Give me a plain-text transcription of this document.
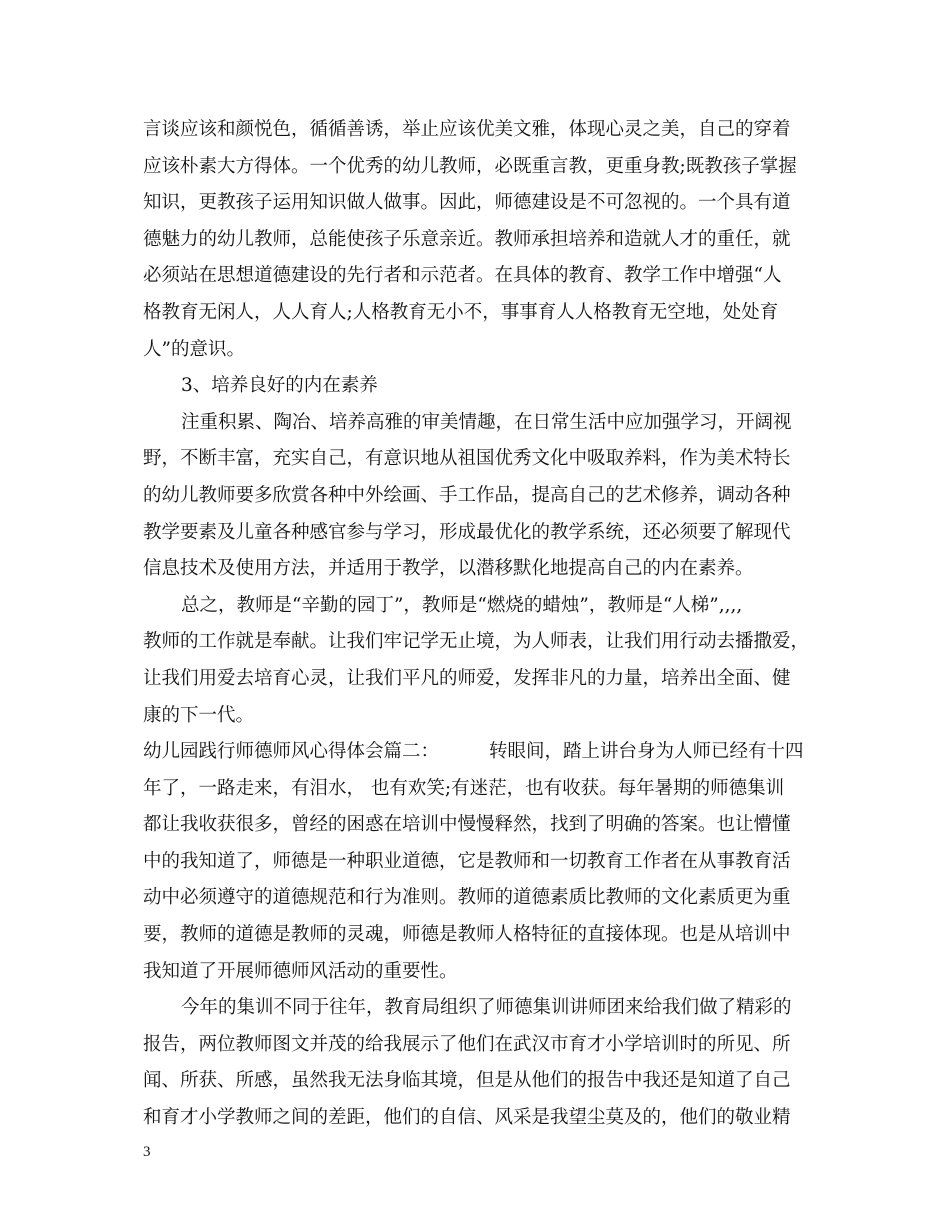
言谈应该和颜悦色，循循善诱，举止应该优美文雅，体现心灵之美，自己的穿着
应该朴素大方得体。一个优秀的幼儿教师，必既重言教，更重身教;既教孩子掌握
知识，更教孩子运用知识做人做事。因此，师德建设是不可忽视的。一个具有道
德魅力的幼儿教师，总能使孩子乐意亲近。教师承担培养和造就人才的重任，就
必须站在思想道德建设的先行者和示范者。在具体的教育、教学工作中增强“人
格教育无闲人，人人育人;人格教育无小不，事事育人人格教育无空地，处处育
人”的意识。
3、培养良好的内在素养
注重积累、陶冶、培养高雅的审美情趣，在日常生活中应加强学习，开阔视
野，不断丰富，充实自己，有意识地从祖国优秀文化中吸取养料，作为美术特长
的幼儿教师要多欣赏各种中外绘画、手工作品，提高自己的艺术修养，调动各种
教学要素及儿童各种感官参与学习，形成最优化的教学系统，还必须要了解现代
信息技术及使用方法，并适用于教学，以潜移默化地提高自己的内在素养。
总之，教师是“辛勤的园丁”，教师是“燃烧的蜡烛”，教师是“人梯”,,,,
教师的工作就是奉献。让我们牢记学无止境，为人师表，让我们用行动去播撒爱，
让我们用爱去培育心灵，让我们平凡的师爱，发挥非凡的力量，培养出全面、健
康的下一代。
幼儿园践行师德师风心得体会篇二：	转眼间，踏上讲台身为人师已经有十四
年了，一路走来，有泪水， 也有欢笑;有迷茫，也有收获。每年暑期的师德集训
都让我收获很多，曾经的困惑在培训中慢慢释然，找到了明确的答案。也让懵懂
中的我知道了，师德是一种职业道德，它是教师和一切教育工作者在从事教育活
动中必须遵守的道德规范和行为准则。教师的道德素质比教师的文化素质更为重
要，教师的道德是教师的灵魂，师德是教师人格特征的直接体现。也是从培训中
我知道了开展师德师风活动的重要性。
今年的集训不同于往年，教育局组织了师德集训讲师团来给我们做了精彩的
报告，两位教师图文并茂的给我展示了他们在武汉市育才小学培训时的所见、所
闻、所获、所感，虽然我无法身临其境，但是从他们的报告中我还是知道了自己
和育才小学教师之间的差距，他们的自信、风采是我望尘莫及的，他们的敬业精
3
